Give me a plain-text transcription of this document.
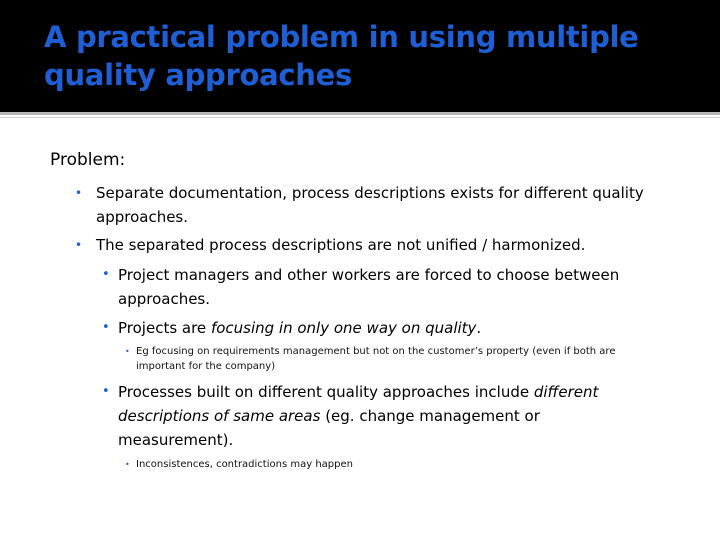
A practical problem in using multiple quality approaches
Problem:
• Separate documentation, process descriptions exists for different quality approaches.
• The separated process descriptions are not unified / harmonized.
• Project managers and other workers are forced to choose between approaches.
• Projects are focusing in only one way on quality.
• Eg focusing on requirements management but not on the customer’s property (even if both are important for the company)
• Processes built on different quality approaches include different descriptions of same areas (eg. change management or measurement).
• Inconsistences, contradictions may happen
